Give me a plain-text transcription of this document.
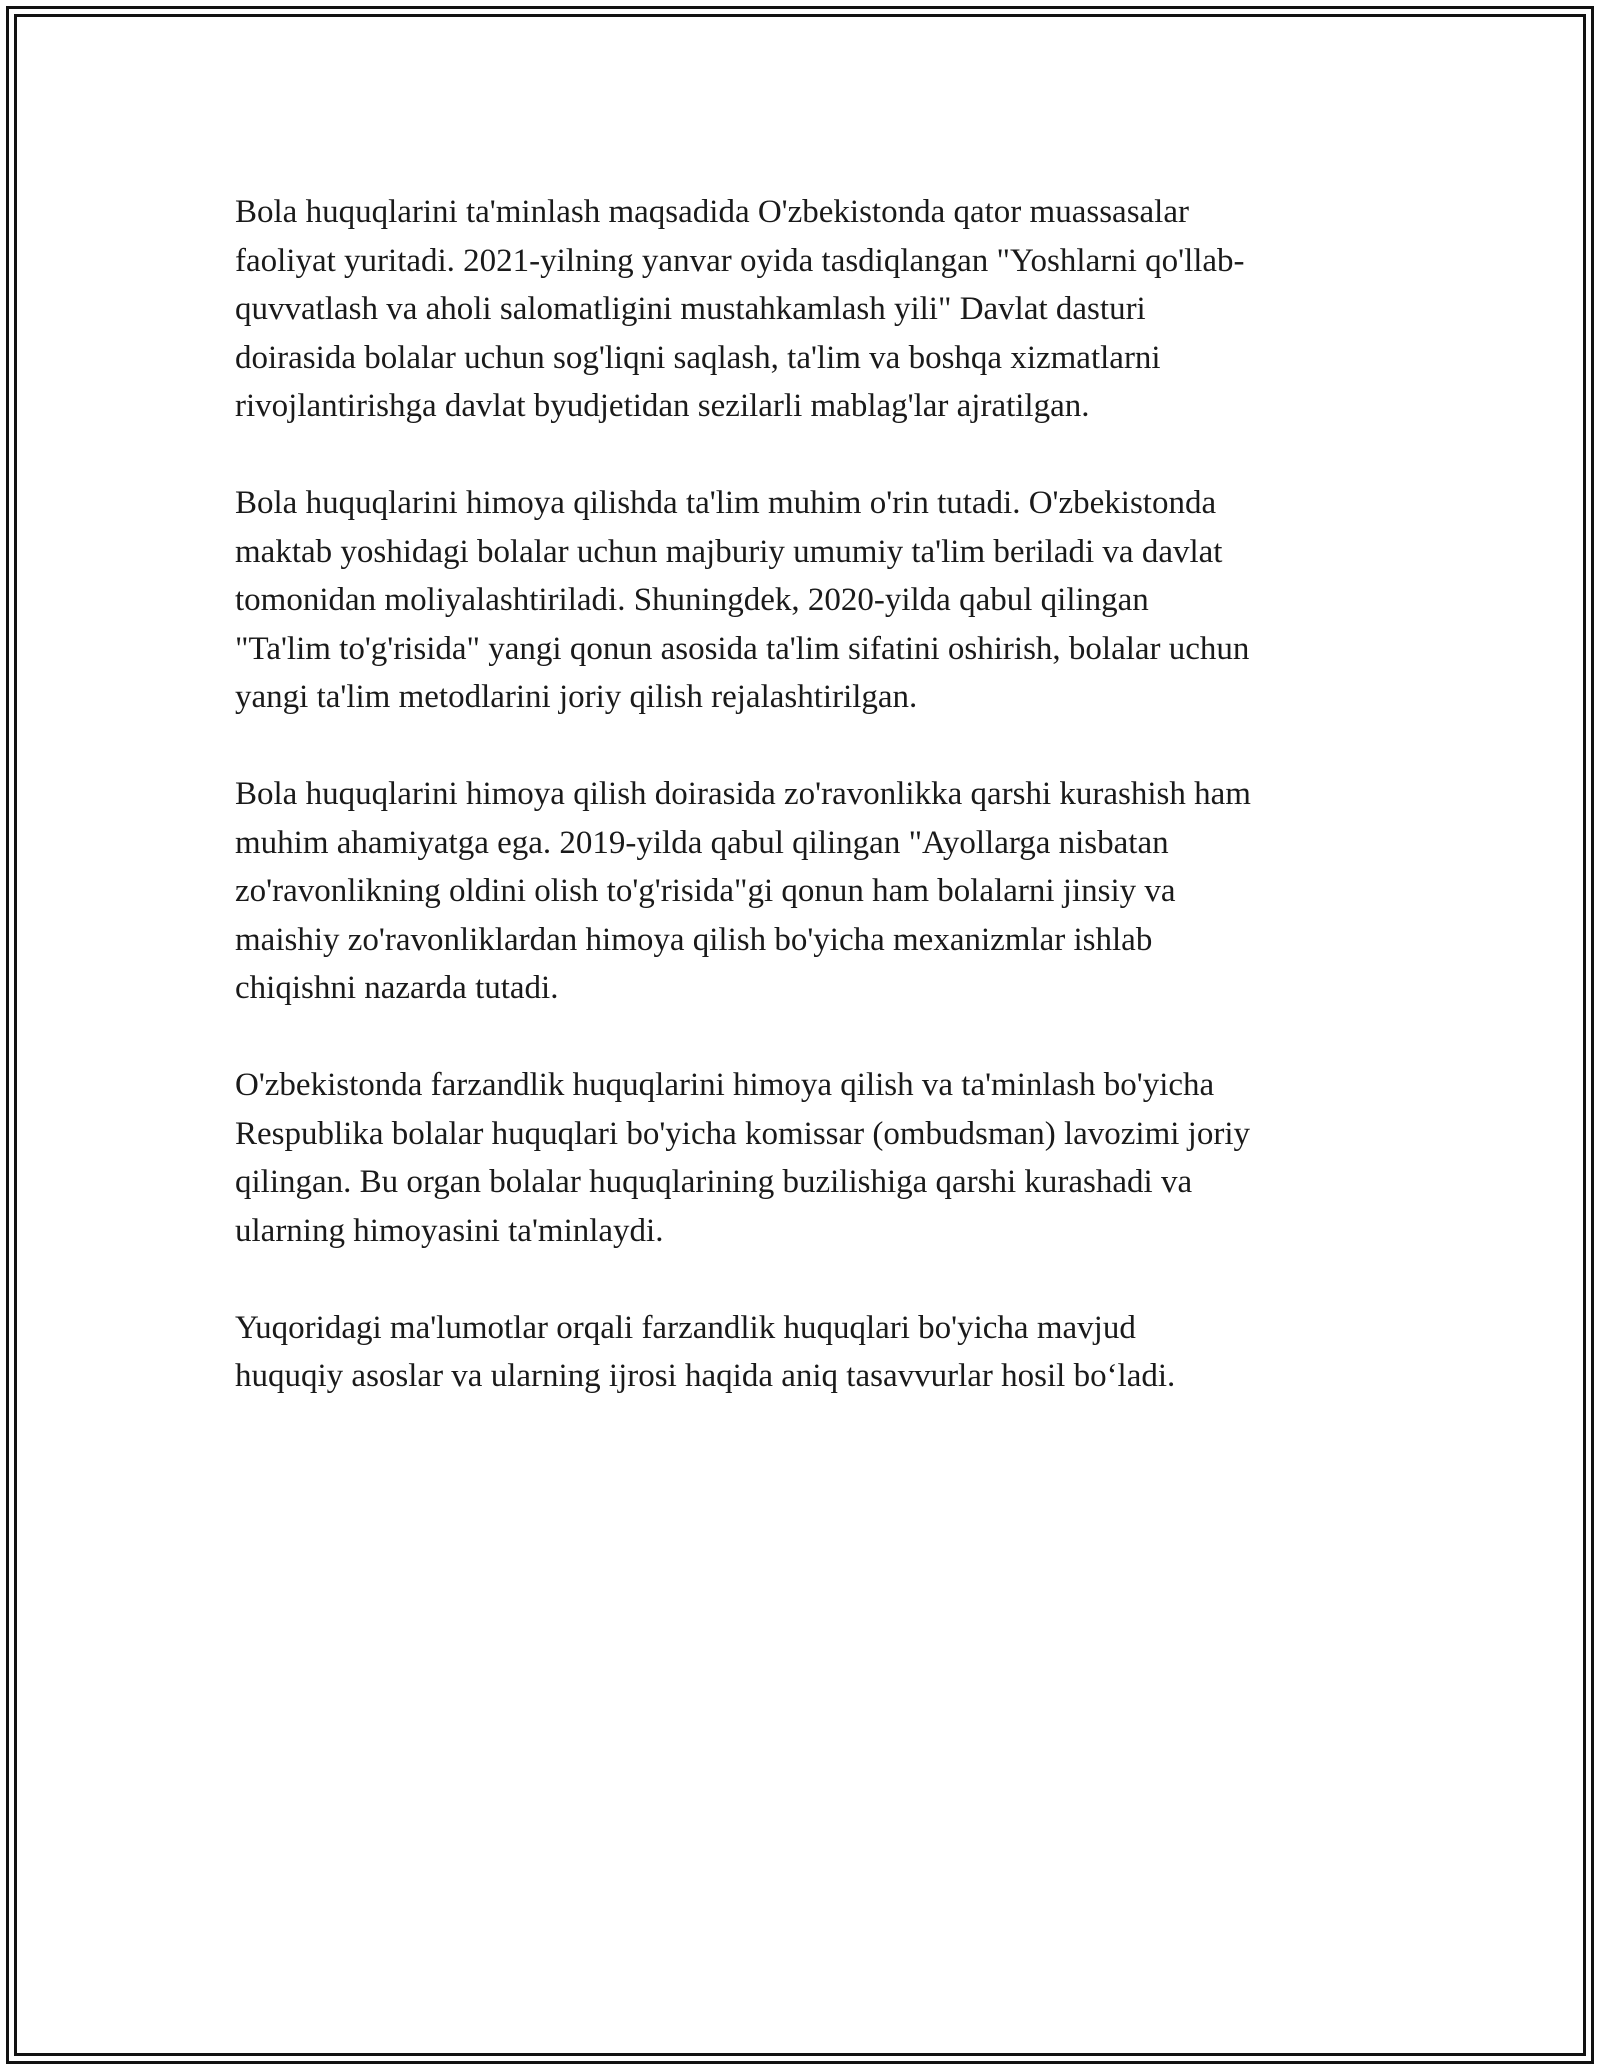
Bola huquqlarini ta'minlash maqsadida O'zbekistonda qator muassasalar
faoliyat yuritadi. 2021-yilning yanvar oyida tasdiqlangan "Yoshlarni qo'llab-
quvvatlash va aholi salomatligini mustahkamlash yili" Davlat dasturi
doirasida bolalar uchun sog'liqni saqlash, ta'lim va boshqa xizmatlarni
rivojlantirishga davlat byudjetidan sezilarli mablag'lar ajratilgan.

Bola huquqlarini himoya qilishda ta'lim muhim o'rin tutadi. O'zbekistonda
maktab yoshidagi bolalar uchun majburiy umumiy ta'lim beriladi va davlat
tomonidan moliyalashtiriladi. Shuningdek, 2020-yilda qabul qilingan
"Ta'lim to'g'risida" yangi qonun asosida ta'lim sifatini oshirish, bolalar uchun
yangi ta'lim metodlarini joriy qilish rejalashtirilgan.

Bola huquqlarini himoya qilish doirasida zo'ravonlikka qarshi kurashish ham
muhim ahamiyatga ega. 2019-yilda qabul qilingan "Ayollarga nisbatan
zo'ravonlikning oldini olish to'g'risida"gi qonun ham bolalarni jinsiy va
maishiy zo'ravonliklardan himoya qilish bo'yicha mexanizmlar ishlab
chiqishni nazarda tutadi.

O'zbekistonda farzandlik huquqlarini himoya qilish va ta'minlash bo'yicha
Respublika bolalar huquqlari bo'yicha komissar (ombudsman) lavozimi joriy
qilingan. Bu organ bolalar huquqlarining buzilishiga qarshi kurashadi va
ularning himoyasini ta'minlaydi.

Yuqoridagi ma'lumotlar orqali farzandlik huquqlari bo'yicha mavjud
huquqiy asoslar va ularning ijrosi haqida aniq tasavvurlar hosil bo‘ladi.
